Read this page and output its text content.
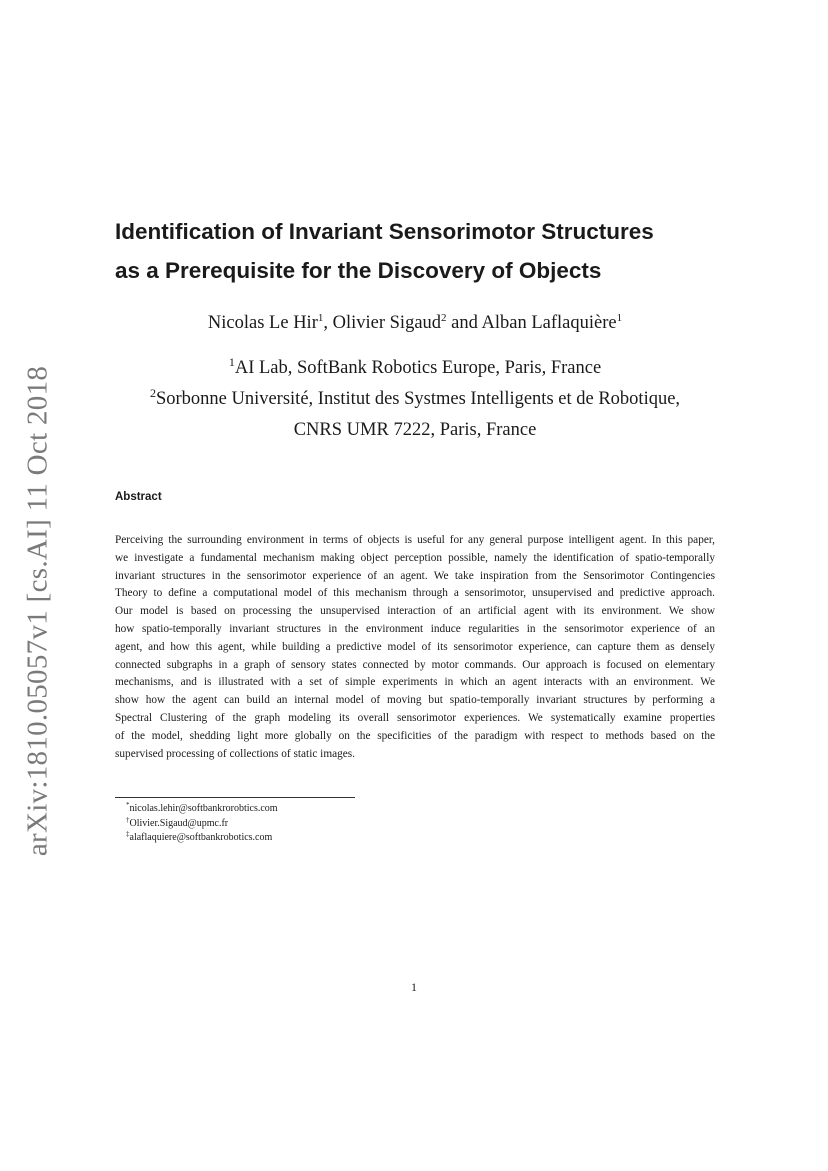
arXiv:1810.05057v1 [cs.AI] 11 Oct 2018
Identification of Invariant Sensorimotor Structures
as a Prerequisite for the Discovery of Objects
Nicolas Le Hir$^1$, Olivier Sigaud$^2$ and Alban Laflaquière$^1$
$^1$AI Lab, SoftBank Robotics Europe, Paris, France
$^2$Sorbonne Université, Institut des Systmes Intelligents et de Robotique,
CNRS UMR 7222, Paris, France
Abstract
Perceiving the surrounding environment in terms of objects is useful for any general purpose intelligent agent. In this paper,
we investigate a fundamental mechanism making object perception possible, namely the identification of spatio-temporally
invariant structures in the sensorimotor experience of an agent. We take inspiration from the Sensorimotor Contingencies
Theory to define a computational model of this mechanism through a sensorimotor, unsupervised and predictive approach.
Our model is based on processing the unsupervised interaction of an artificial agent with its environment. We show
how spatio-temporally invariant structures in the environment induce regularities in the sensorimotor experience of an
agent, and how this agent, while building a predictive model of its sensorimotor experience, can capture them as densely
connected subgraphs in a graph of sensory states connected by motor commands. Our approach is focused on elementary
mechanisms, and is illustrated with a set of simple experiments in which an agent interacts with an environment. We
show how the agent can build an internal model of moving but spatio-temporally invariant structures by performing a
Spectral Clustering of the graph modeling its overall sensorimotor experiences. We systematically examine properties
of the model, shedding light more globally on the specificities of the paradigm with respect to methods based on the
supervised processing of collections of static images.
*nicolas.lehir@softbankrorobtics.com
†Olivier.Sigaud@upmc.fr
‡alaflaquiere@softbankrobotics.com
1
